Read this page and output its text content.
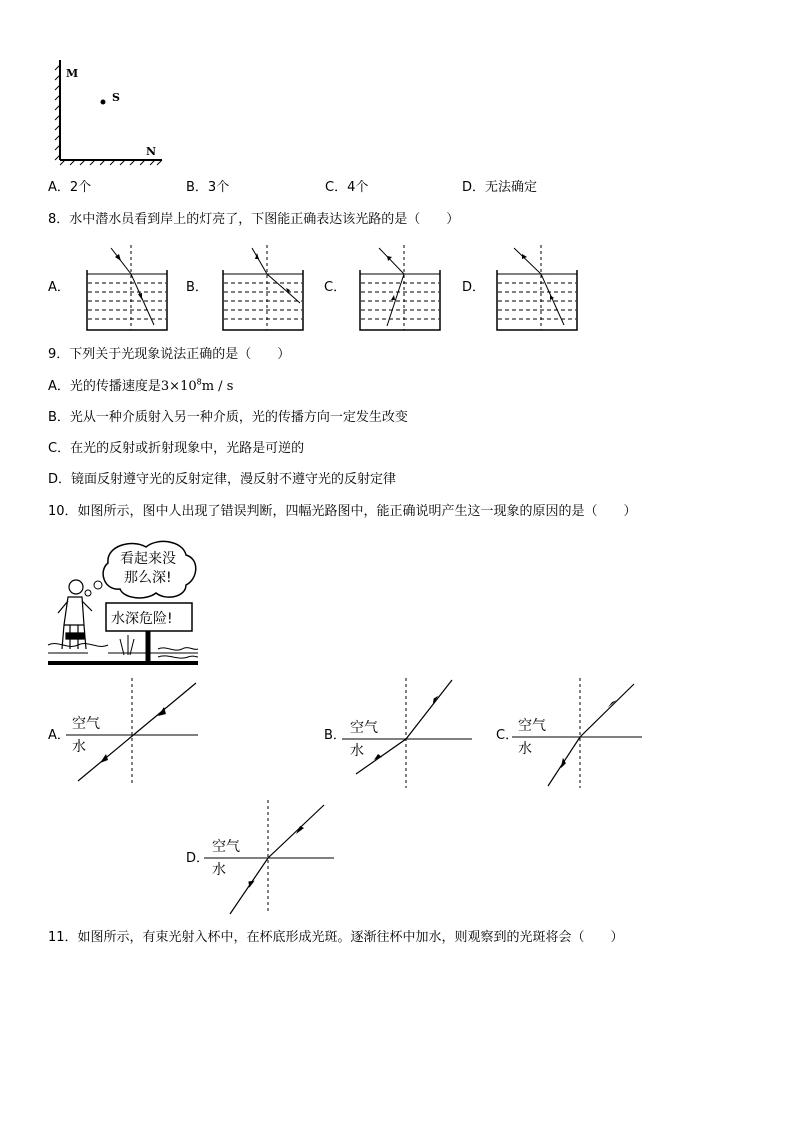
M
S
N
A．2个	B．3个	C．4个	D．无法确定
8．水中潜水员看到岸上的灯亮了，下图能正确表达该光路的是（　　）
A．	B．	C．	D．
9．下列关于光现象说法正确的是（　　）
A．光的传播速度是$3\times 10^8m / s$
B．光从一种介质射入另一种介质，光的传播方向一定发生改变
C．在光的反射或折射现象中，光路是可逆的
D．镜面反射遵守光的反射定律，漫反射不遵守光的反射定律
10．如图所示，图中人出现了错误判断，四幅光路图中，能正确说明产生这一现象的原因的是（　　）
看起来没
那么深!
水深危险!
A．
空气
水
B． 空气
水
C．
空气
水
D．
空气
水
11．如图所示，有束光射入杯中，在杯底形成光斑。逐渐往杯中加水，则观察到的光斑将会（　　）
